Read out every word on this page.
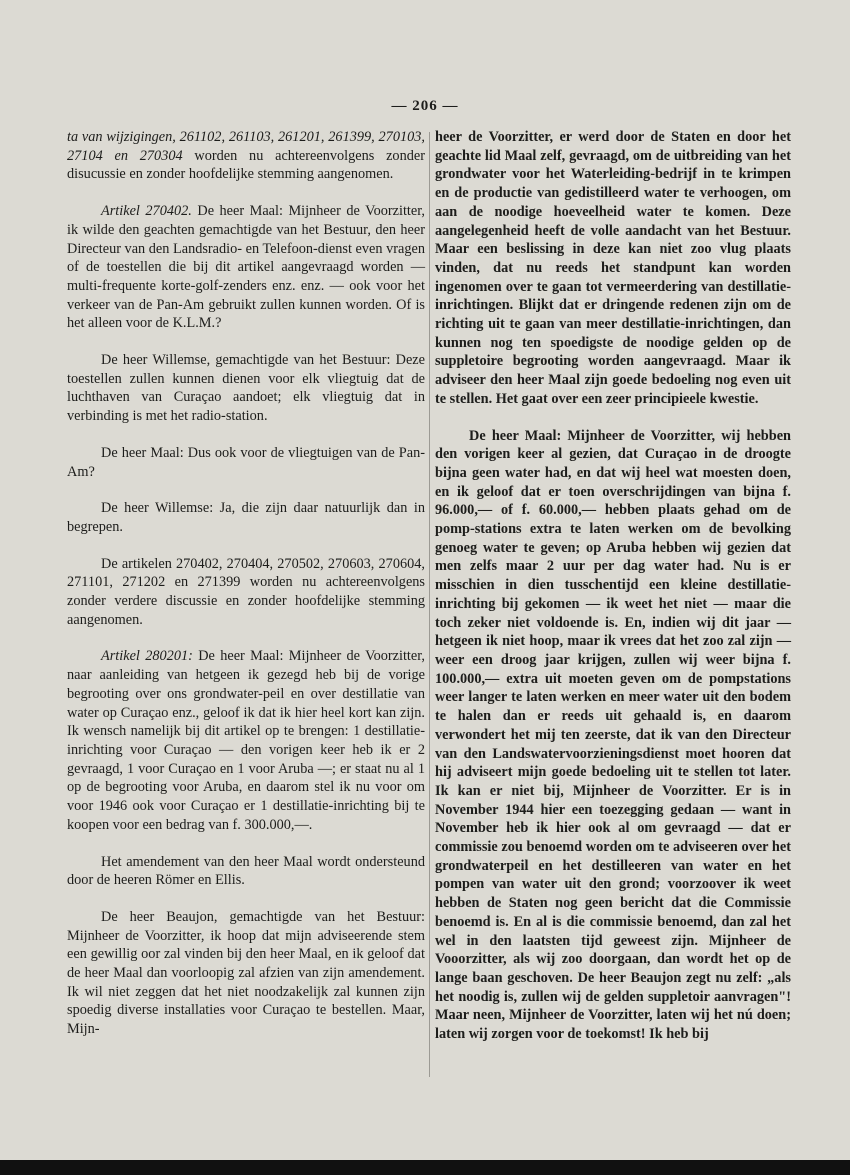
— 206 —

ta van wijzigingen, 261102, 261103, 261201, 261399, 270103, 27104 en 270304 worden nu achtereenvolgens zonder disucussie en zonder hoofdelijke stemming aangenomen.

Artikel 270402. De heer Maal: Mijnheer de Voorzitter, ik wilde den geachten gemachtigde van het Bestuur, den heer Directeur van den Landsradio- en Telefoon-dienst even vragen of de toestellen die bij dit artikel aangevraagd worden — multi-frequente korte-golf-zenders enz. enz. — ook voor het verkeer van de Pan-Am gebruikt zullen kunnen worden. Of is het alleen voor de K.L.M.?

De heer Willemse, gemachtigde van het Bestuur: Deze toestellen zullen kunnen dienen voor elk vliegtuig dat de luchthaven van Curaçao aandoet; elk vliegtuig dat in verbinding is met het radio-station.

De heer Maal: Dus ook voor de vliegtuigen van de Pan-Am?

De heer Willemse: Ja, die zijn daar natuurlijk dan in begrepen.

De artikelen 270402, 270404, 270502, 270603, 270604, 271101, 271202 en 271399 worden nu achtereenvolgens zonder verdere discussie en zonder hoofdelijke stemming aangenomen.

Artikel 280201: De heer Maal: Mijnheer de Voorzitter, naar aanleiding van hetgeen ik gezegd heb bij de vorige begrooting over ons grondwater-peil en over destillatie van water op Curaçao enz., geloof ik dat ik hier heel kort kan zijn. Ik wensch namelijk bij dit artikel op te brengen: 1 destillatie-inrichting voor Curaçao — den vorigen keer heb ik er 2 gevraagd, 1 voor Curaçao en 1 voor Aruba —; er staat nu al 1 op de begrooting voor Aruba, en daarom stel ik nu voor om voor 1946 ook voor Curaçao er 1 destillatie-inrichting bij te koopen voor een bedrag van f. 300.000,—.

Het amendement van den heer Maal wordt ondersteund door de heeren Römer en Ellis.

De heer Beaujon, gemachtigde van het Bestuur: Mijnheer de Voorzitter, ik hoop dat mijn adviseerende stem een gewillig oor zal vinden bij den heer Maal, en ik geloof dat de heer Maal dan voorloopig zal afzien van zijn amendement. Ik wil niet zeggen dat het niet noodzakelijk zal kunnen zijn spoedig diverse installaties voor Curaçao te bestellen. Maar, Mijn-

heer de Voorzitter, er werd door de Staten en door het geachte lid Maal zelf, gevraagd, om de uitbreiding van het grondwater voor het Waterleiding-bedrijf in te krimpen en de productie van gedistilleerd water te verhoogen, om aan de noodige hoeveelheid water te komen. Deze aangelegenheid heeft de volle aandacht van het Bestuur. Maar een beslissing in deze kan niet zoo vlug plaats vinden, dat nu reeds het standpunt kan worden ingenomen over te gaan tot vermeerdering van destillatie-inrichtingen. Blijkt dat er dringende redenen zijn om de richting uit te gaan van meer destillatie-inrichtingen, dan kunnen nog ten spoedigste de noodige gelden op de suppletoire begrooting worden aangevraagd. Maar ik adviseer den heer Maal zijn goede bedoeling nog even uit te stellen. Het gaat over een zeer principieele kwestie.

De heer Maal: Mijnheer de Voorzitter, wij hebben den vorigen keer al gezien, dat Curaçao in de droogte bijna geen water had, en dat wij heel wat moesten doen, en ik geloof dat er toen overschrijdingen van bijna f. 96.000,— of f. 60.000,— hebben plaats gehad om de pomp-stations extra te laten werken om de bevolking genoeg water te geven; op Aruba hebben wij gezien dat men zelfs maar 2 uur per dag water had. Nu is er misschien in dien tusschentijd een kleine destillatie-inrichting bij gekomen — ik weet het niet — maar die toch zeker niet voldoende is. En, indien wij dit jaar — hetgeen ik niet hoop, maar ik vrees dat het zoo zal zijn — weer een droog jaar krijgen, zullen wij weer bijna f. 100.000,— extra uit moeten geven om de pompstations weer langer te laten werken en meer water uit den bodem te halen dan er reeds uit gehaald is, en daarom verwondert het mij ten zeerste, dat ik van den Directeur van den Landswatervoorzieningsdienst moet hooren dat hij adviseert mijn goede bedoeling uit te stellen tot later. Ik kan er niet bij, Mijnheer de Voorzitter. Er is in November 1944 hier een toezegging gedaan — want in November heb ik hier ook al om gevraagd — dat er commissie zou benoemd worden om te adviseeren over het grondwaterpeil en het destilleeren van water en het pompen van water uit den grond; voorzoover ik weet hebben de Staten nog geen bericht dat die Commissie benoemd is. En al is die commissie benoemd, dan zal het wel in den laatsten tijd geweest zijn. Mijnheer de Vooorzitter, als wij zoo doorgaan, dan wordt het op de lange baan geschoven. De heer Beaujon zegt nu zelf: „als het noodig is, zullen wij de gelden suppletoir aanvragen"! Maar neen, Mijnheer de Voorzitter, laten wij het nú doen; laten wij zorgen voor de toekomst! Ik heb bij
